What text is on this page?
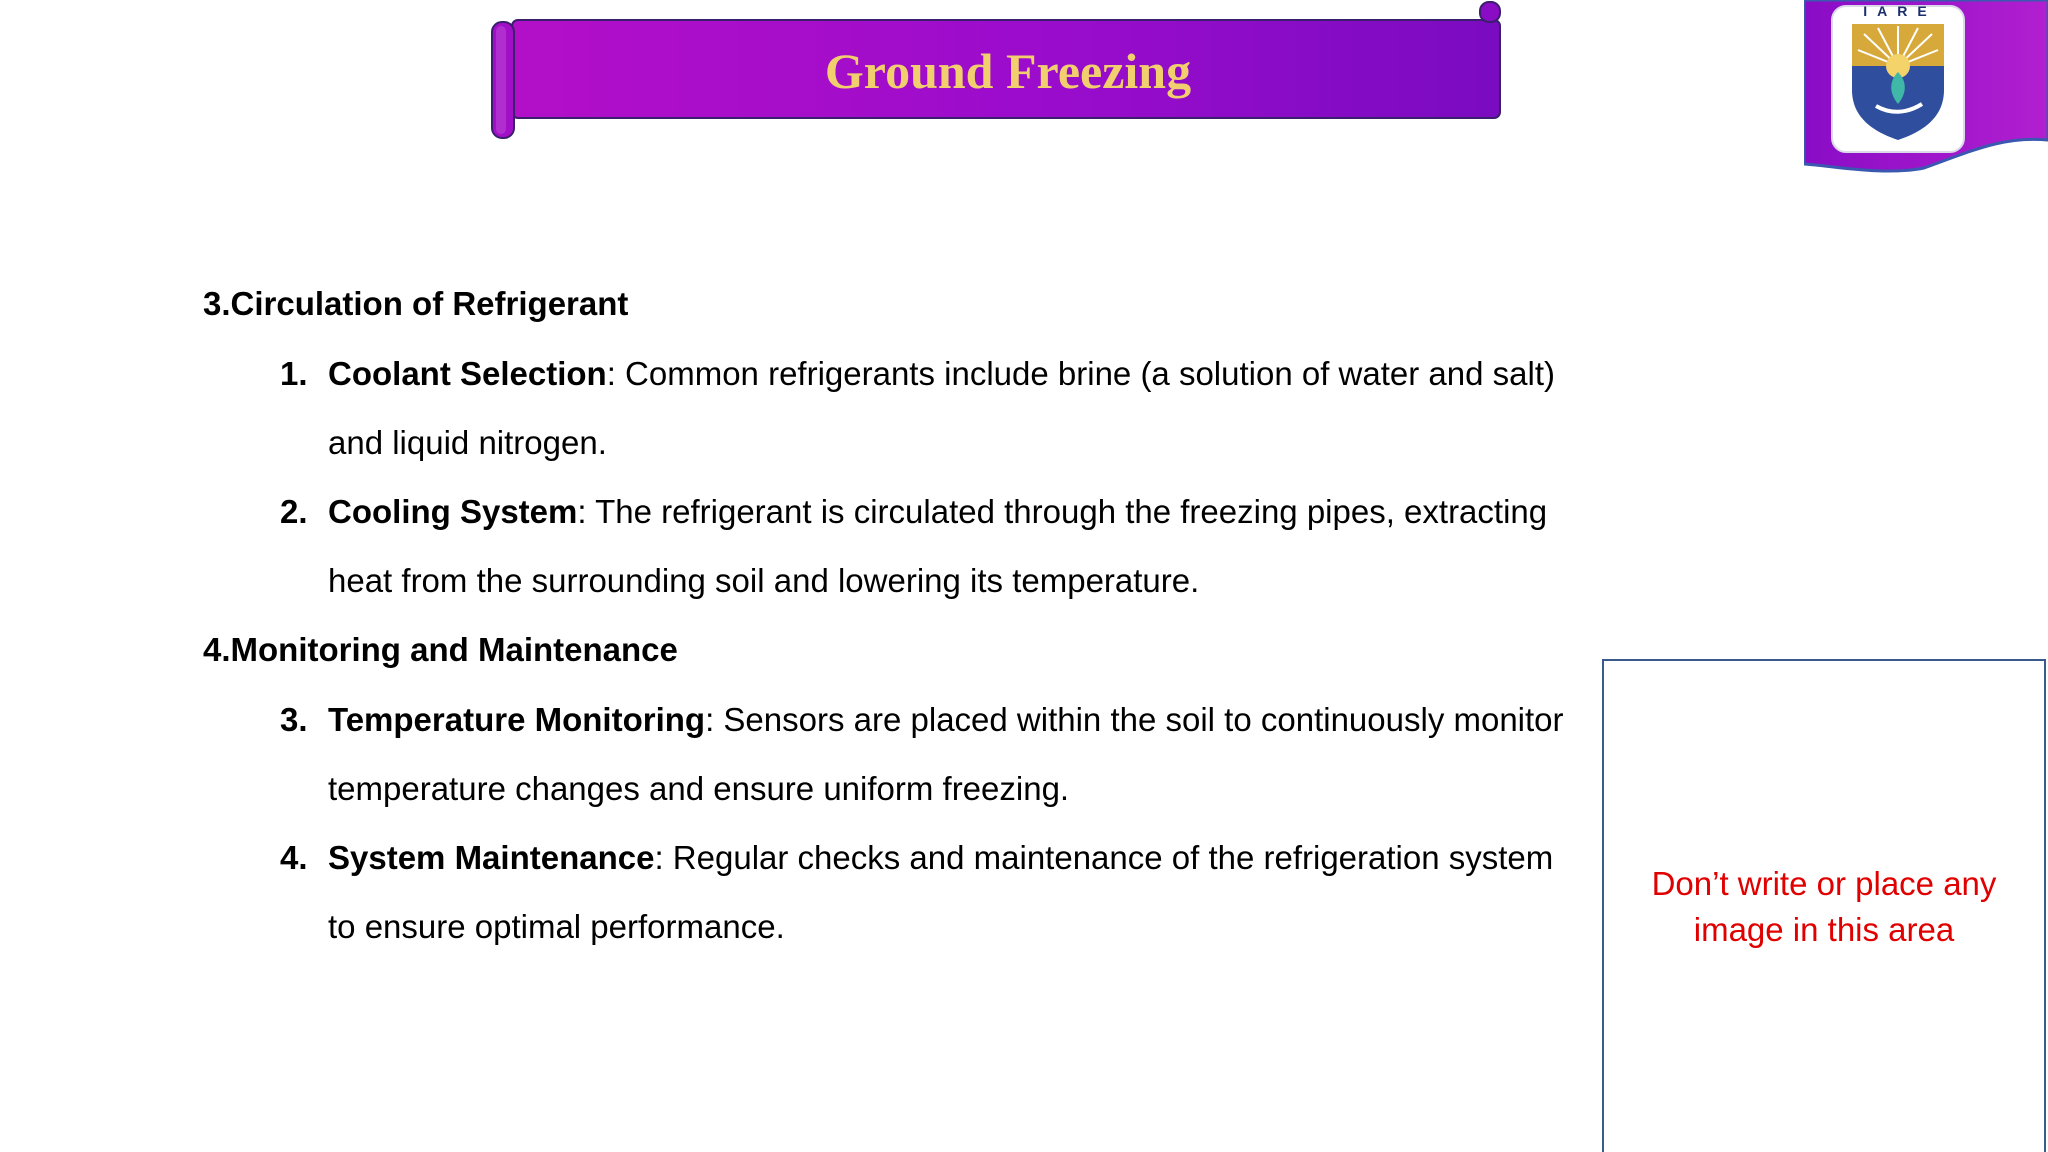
Ground Freezing
IARE
3.Circulation of Refrigerant
1. Coolant Selection: Common refrigerants include brine (a solution of water and salt) and liquid nitrogen.
2. Cooling System: The refrigerant is circulated through the freezing pipes, extracting heat from the surrounding soil and lowering its temperature.
4.Monitoring and Maintenance
3. Temperature Monitoring: Sensors are placed within the soil to continuously monitor temperature changes and ensure uniform freezing.
4. System Maintenance: Regular checks and maintenance of the refrigeration system to ensure optimal performance.
Don’t write or place any image in this area
